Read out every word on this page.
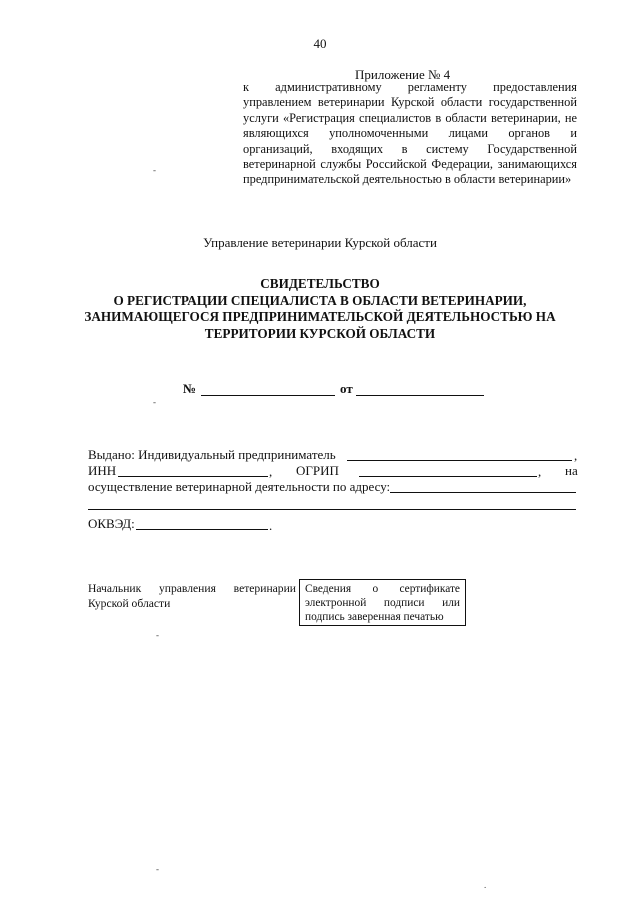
40
Приложение № 4
к административному регламенту предоставления управлением ветеринарии Курской области государственной услуги «Регистрация специалистов в области ветеринарии, не являющихся уполномоченными лицами органов и организаций, входящих в систему Государственной ветеринарной службы Российской Федерации, занимающихся предпринимательской деятельностью в области ветеринарии»
-
Управление ветеринарии Курской области
СВИДЕТЕЛЬСТВО
О РЕГИСТРАЦИИ СПЕЦИАЛИСТА В ОБЛАСТИ ВЕТЕРИНАРИИ,
ЗАНИМАЮЩЕГОСЯ ПРЕДПРИНИМАТЕЛЬСКОЙ ДЕЯТЕЛЬНОСТЬЮ НА
ТЕРРИТОРИИ КУРСКОЙ ОБЛАСТИ
№	от
-
Выдано: Индивидуальный предприниматель	,
ИНН	, ОГРИП	, на
осуществление ветеринарной деятельности по адресу:
ОКВЭД:	.
Начальник управления ветеринарии
Курской области
Сведения о сертификате электронной подписи или подпись заверенная печатью
-
-
.
